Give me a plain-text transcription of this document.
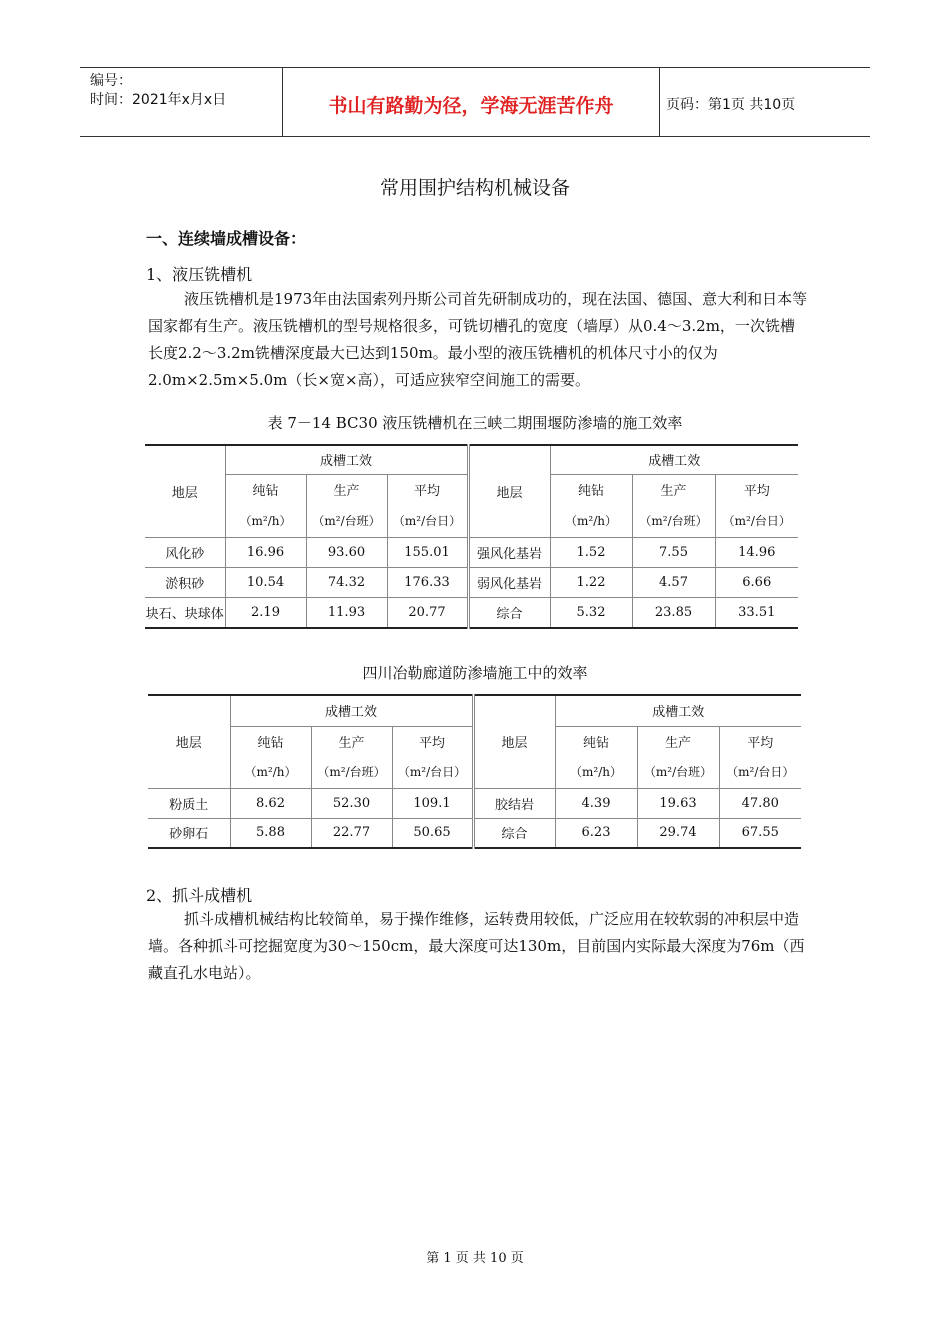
编号：
时间：2021年x月x日	书山有路勤为径，学海无涯苦作舟	页码：第1页 共10页
常用围护结构机械设备
一、连续墙成槽设备：
1、液压铣槽机
液压铣槽机是1973年由法国索列丹斯公司首先研制成功的，现在法国、德国、意大利和日本等国家都有生产。液压铣槽机的型号规格很多，可铣切槽孔的宽度（墙厚）从0.4～3.2m，一次铣槽长度2.2～3.2m铣槽深度最大已达到150m。最小型的液压铣槽机的机体尺寸小的仅为2.0m×2.5m×5.0m（长×宽×高），可适应狭窄空间施工的需要。
表 7－14 BC30 液压铣槽机在三峡二期围堰防渗墙的施工效率
地层	成槽工效			地层	成槽工效		
	纯钻	生产	平均		纯钻	生产	平均
	（m²/h）	（m²/台班）	（m²/台日）		（m²/h）	（m²/台班）	（m²/台日）
风化砂	16.96	93.60	155.01	强风化基岩	1.52	7.55	14.96
淤积砂	10.54	74.32	176.33	弱风化基岩	1.22	4.57	6.66
块石、块球体	2.19	11.93	20.77	综合	5.32	23.85	33.51
四川冶勒廊道防渗墙施工中的效率
地层	成槽工效			地层	成槽工效		
	纯钻	生产	平均		纯钻	生产	平均
	（m²/h）	（m²/台班）	（m²/台日）		（m²/h）	（m²/台班）	（m²/台日）
粉质土	8.62	52.30	109.1	胶结岩	4.39	19.63	47.80
砂卵石	5.88	22.77	50.65	综合	6.23	29.74	67.55
2、抓斗成槽机
抓斗成槽机械结构比较简单，易于操作维修，运转费用较低，广泛应用在较软弱的冲积层中造墙。各种抓斗可挖掘宽度为30～150cm，最大深度可达130m，目前国内实际最大深度为76m（西藏直孔水电站）。
第 1 页 共 10 页
